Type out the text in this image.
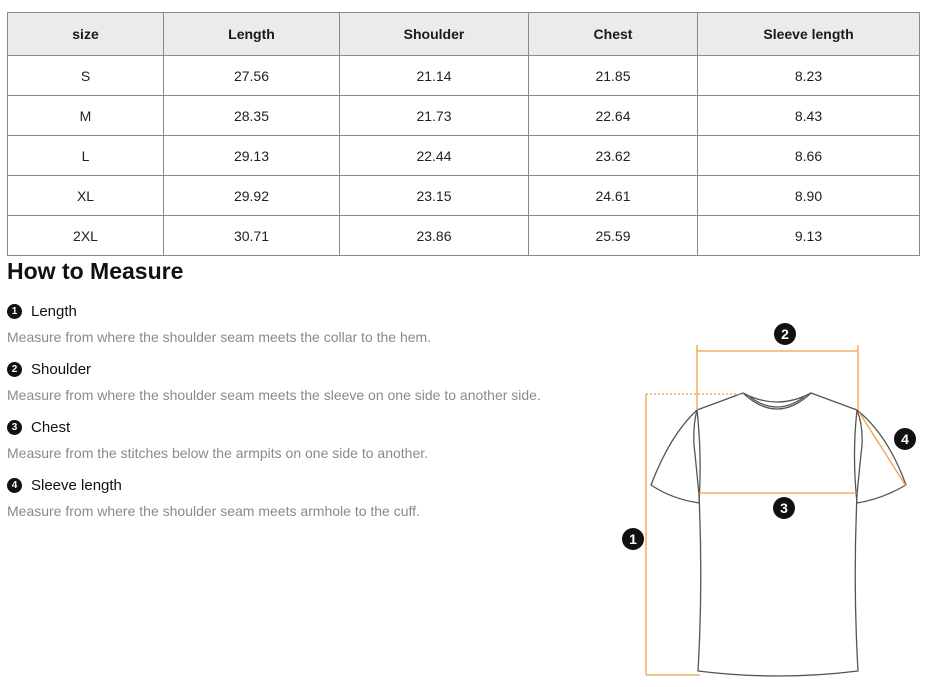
size	Length	Shoulder	Chest	Sleeve length
S	27.56	21.14	21.85	8.23
M	28.35	21.73	22.64	8.43
L	29.13	22.44	23.62	8.66
XL	29.92	23.15	24.61	8.90
2XL	30.71	23.86	25.59	9.13
How to Measure
1 Length
Measure from where the shoulder seam meets the collar to the hem.
2 Shoulder
Measure from where the shoulder seam meets the sleeve on one side to another side.
3 Chest
Measure from the stitches below the armpits on one side to another.
4 Sleeve length
Measure from where the shoulder seam meets armhole to the cuff.
1
2
3
4
